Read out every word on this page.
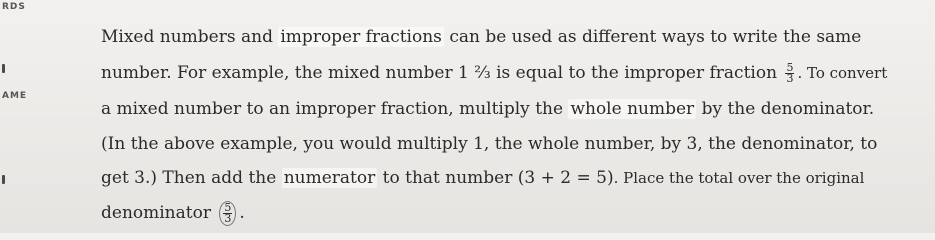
RDS
AME
Mixed numbers and improper fractions can be used as different ways to write the same
number. For example, the mixed number 1 ⅔ is equal to the improper fraction $\frac{5}{3}$ . To convert
a mixed number to an improper fraction, multiply the whole number by the denominator.
(In the above example, you would multiply 1, the whole number, by 3, the denominator, to
get 3.) Then add the numerator to that number (3 + 2 = 5). Place the total over the original
denominator $\frac{5}{3}$ .
